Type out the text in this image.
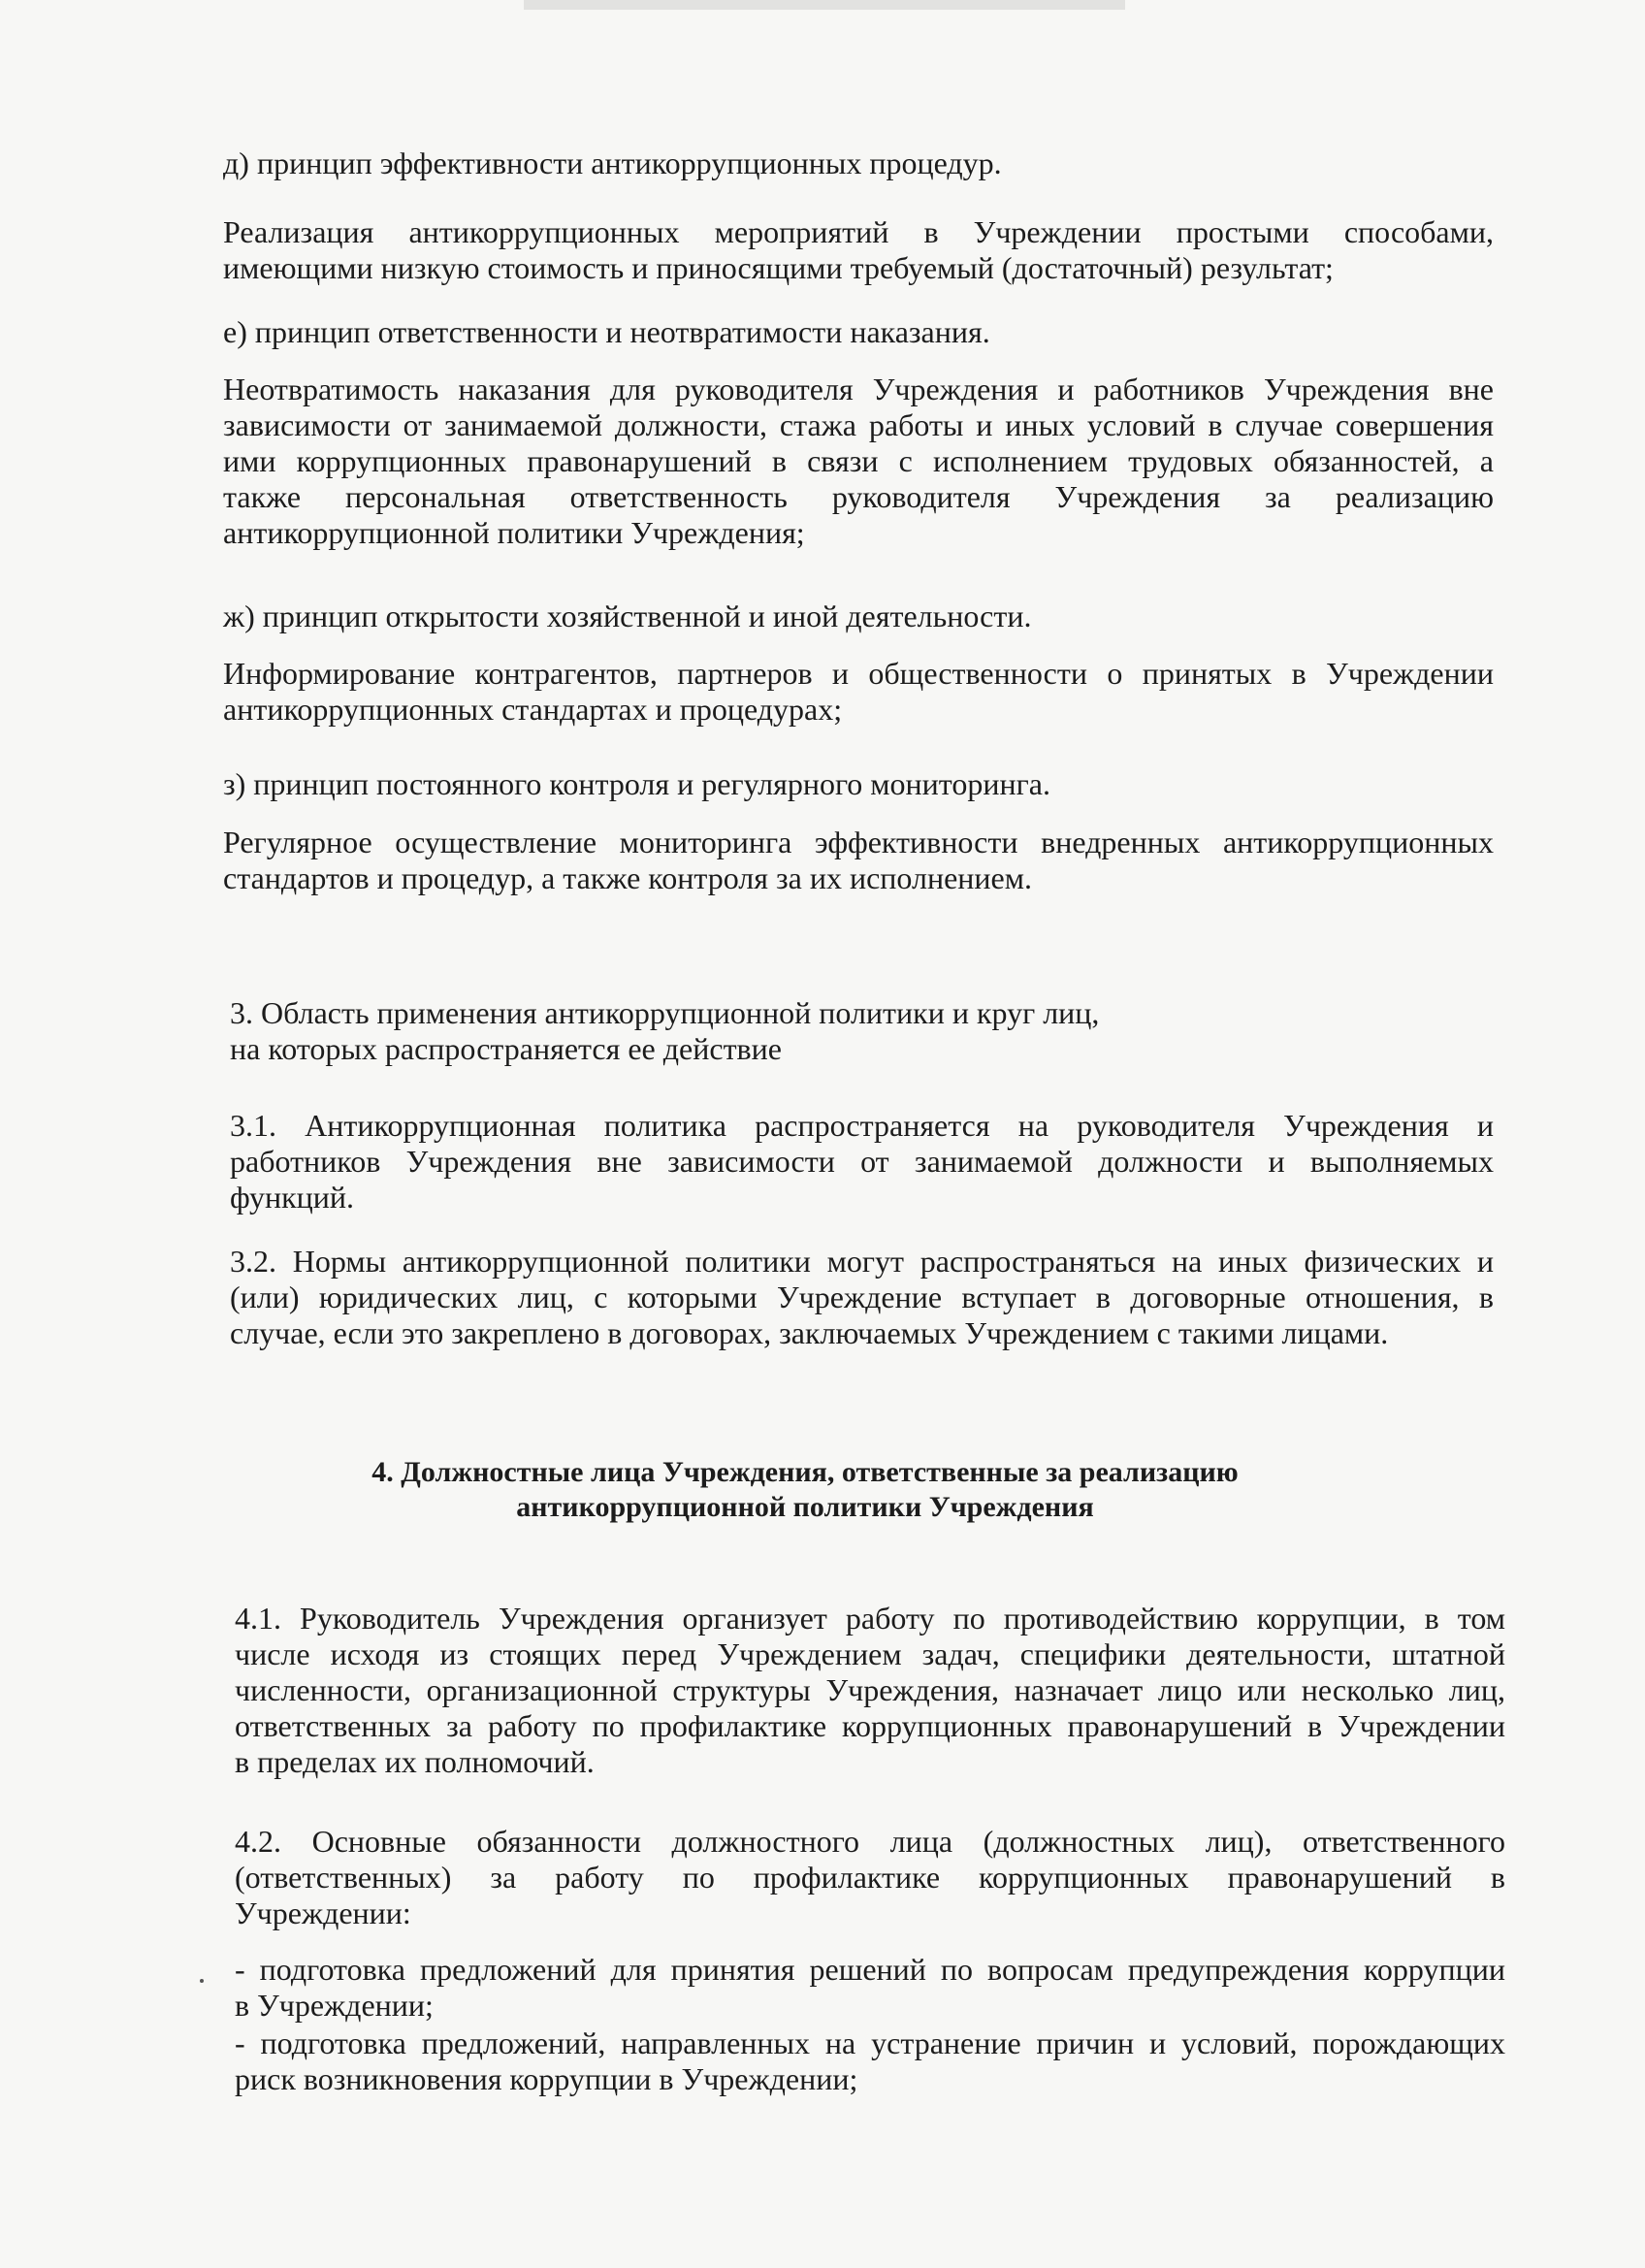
д) принцип эффективности антикоррупционных процедур.

Реализация антикоррупционных мероприятий в Учреждении простыми способами,
имеющими низкую стоимость и приносящими требуемый (достаточный) результат;

е) принцип ответственности и неотвратимости наказания.

Неотвратимость наказания для руководителя Учреждения и работников Учреждения вне
зависимости от занимаемой должности, стажа работы и иных условий в случае совершения
ими коррупционных правонарушений в связи с исполнением трудовых обязанностей, а
также персональная ответственность руководителя Учреждения за реализацию
антикоррупционной политики Учреждения;

ж) принцип открытости хозяйственной и иной деятельности.

Информирование контрагентов, партнеров и общественности о принятых в Учреждении
антикоррупционных стандартах и процедурах;

з) принцип постоянного контроля и регулярного мониторинга.

Регулярное осуществление мониторинга эффективности внедренных антикоррупционных
стандартов и процедур, а также контроля за их исполнением.
3. Область применения антикоррупционной политики и круг лиц,
на которых распространяется ее действие
3.1. Антикоррупционная политика распространяется на руководителя Учреждения и
работников Учреждения вне зависимости от занимаемой должности и выполняемых
функций.
3.2. Нормы антикоррупционной политики могут распространяться на иных физических и
(или) юридических лиц, с которыми Учреждение вступает в договорные отношения, в
случае, если это закреплено в договорах, заключаемых Учреждением с такими лицами.
4. Должностные лица Учреждения, ответственные за реализацию
антикоррупционной политики Учреждения
4.1. Руководитель Учреждения организует работу по противодействию коррупции, в том
числе исходя из стоящих перед Учреждением задач, специфики деятельности, штатной
численности, организационной структуры Учреждения, назначает лицо или несколько лиц,
ответственных за работу по профилактике коррупционных правонарушений в Учреждении
в пределах их полномочий.
4.2. Основные обязанности должностного лица (должностных лиц), ответственного
(ответственных) за работу по профилактике коррупционных правонарушений в
Учреждении:
- подготовка предложений для принятия решений по вопросам предупреждения коррупции
в Учреждении;
- подготовка предложений, направленных на устранение причин и условий, порождающих
риск возникновения коррупции в Учреждении;
